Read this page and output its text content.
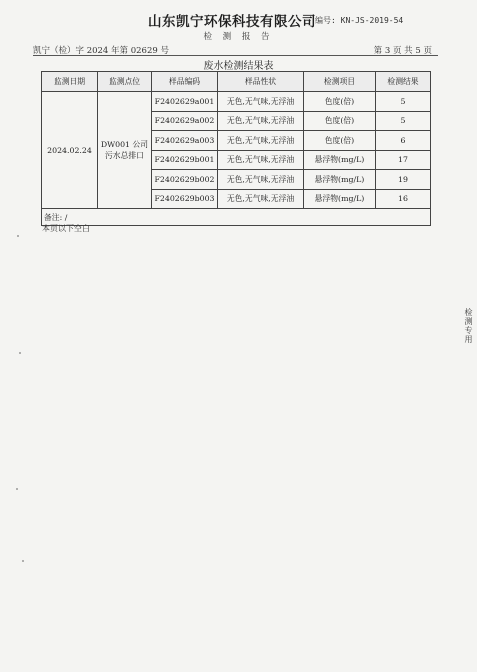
山东凯宁环保科技有限公司 编号: KN-JS-2019-54
检 测 报 告
凯宁（检）字 2024 年第 02629 号	第 3 页 共 5 页
废水检测结果表
监测日期	监测点位	样品编码	样品性状	检测项目	检测结果
2024.02.24	DW001 公司污水总排口	F2402629a001	无色,无气味,无浮油	色度(倍)	5
		F2402629a002	无色,无气味,无浮油	色度(倍)	5
		F2402629a003	无色,无气味,无浮油	色度(倍)	6
		F2402629b001	无色,无气味,无浮油	悬浮物(mg/L)	17
		F2402629b002	无色,无气味,无浮油	悬浮物(mg/L)	19
		F2402629b003	无色,无气味,无浮油	悬浮物(mg/L)	16
备注: /					
本页以下空白
检测专用
